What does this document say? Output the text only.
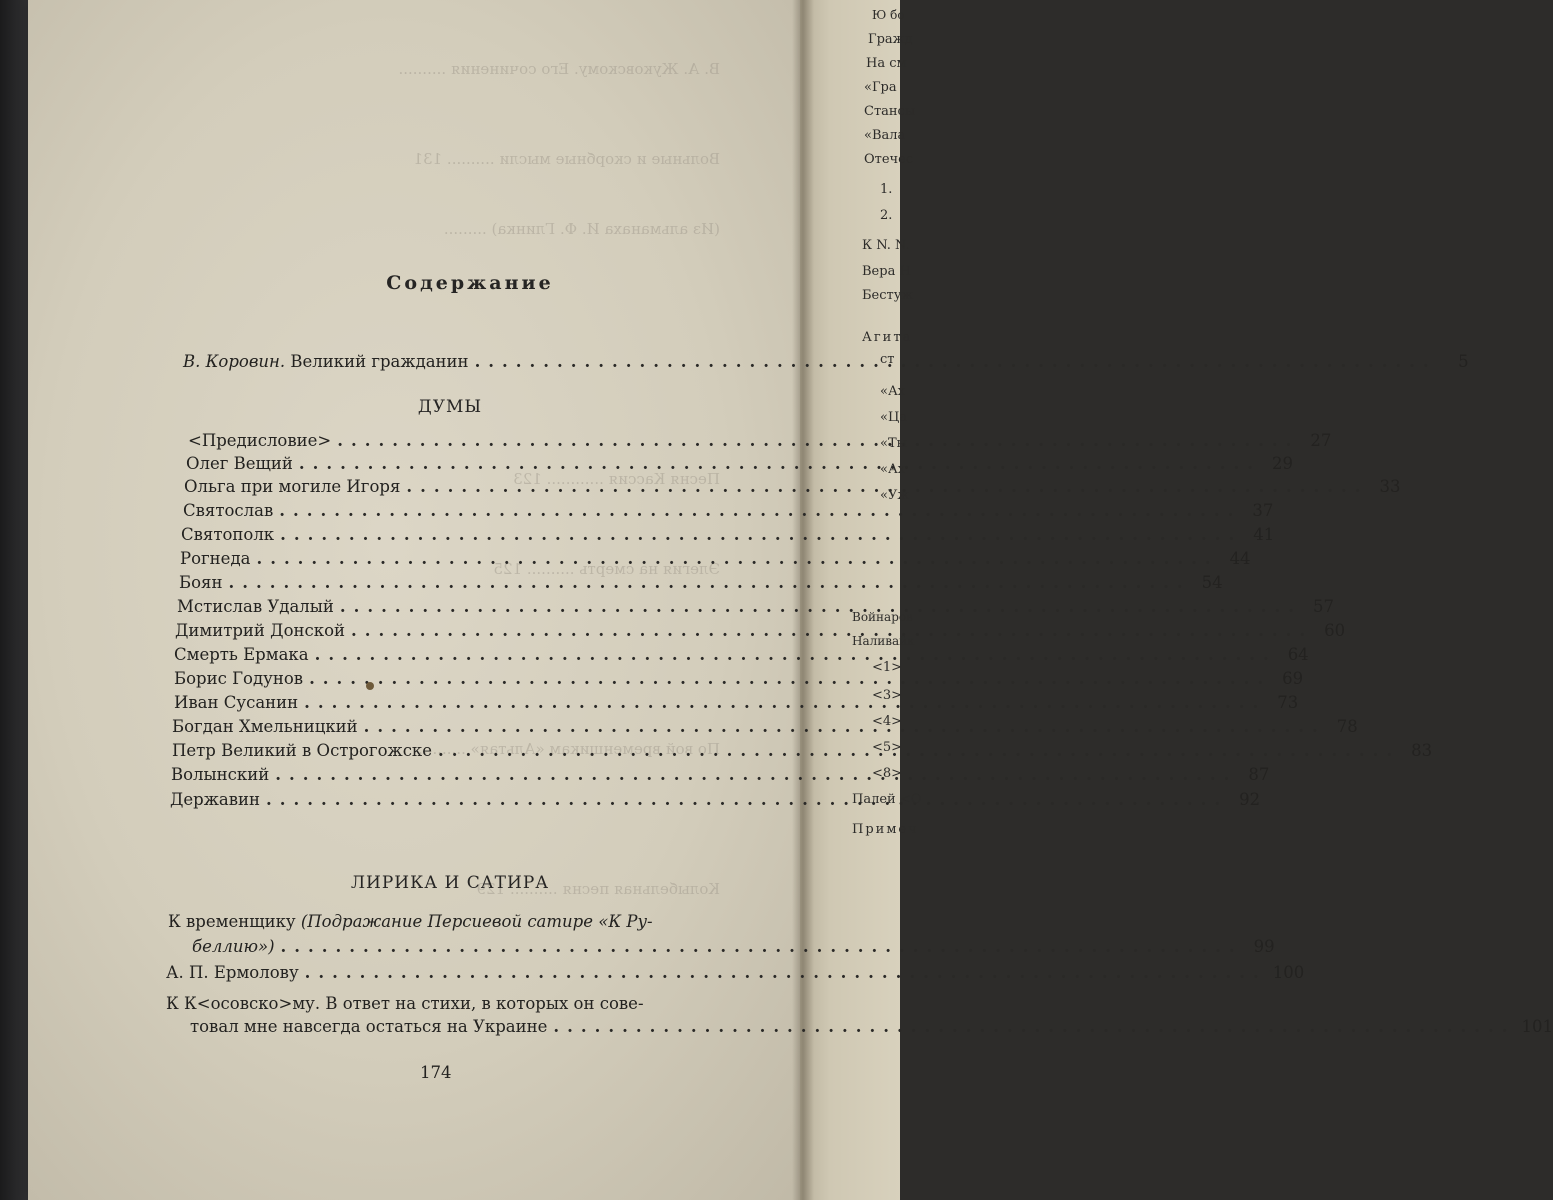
В. А. Жуковскому. Его сочинения ..........
Вольные и скорбные мысли .......... 131
(Из альманаха И. Ф. Глинка) .........
Песня Кассия ............ 123
Элегия на смерть .......... 125
По вой временщикам «Альтая» ..........
Колыбельная песня .......... 129
Содержание
В. Коровин. Великий гражданин .....	5
ДУМЫ
<Предисловие> .....	27
Олег Вещий .....	29
Ольга при могиле Игоря .....	33
Святослав .....	37
Святополк .....	41
Рогнеда .....	44
Боян .....	54
Мстислав Удалый .....	57
Димитрий Донской .....	60
Смерть Ермака .....	64
Борис Годунов .....	69
Иван Сусанин .....	73
Богдан Хмельницкий .....	78
Петр Великий в Острогожске .....	83
Волынский .....	87
Державин .....	92
ЛИРИКА И САТИРА
К временщику (Подражание Персиевой сатире «К Ру-
беллию») .....	99
А. П. Ермолову .....	100
К К<осовско>му. В ответ на стихи, в которых он сове-
товал мне навсегда остаться на Украине .....	101
174
Ю бо
Гражд
На см
«Гра
Стансы
«Вала
Отечес
1.
2.
К N. N.
Вера Н
Бестуж
Агита
ст
«Ах
«Ца
«Ты
«Ах
«Уж
Войнаров
Наливайк
<1>
<3>
<4>
<5>
<8>
Палей <О
Примеч
